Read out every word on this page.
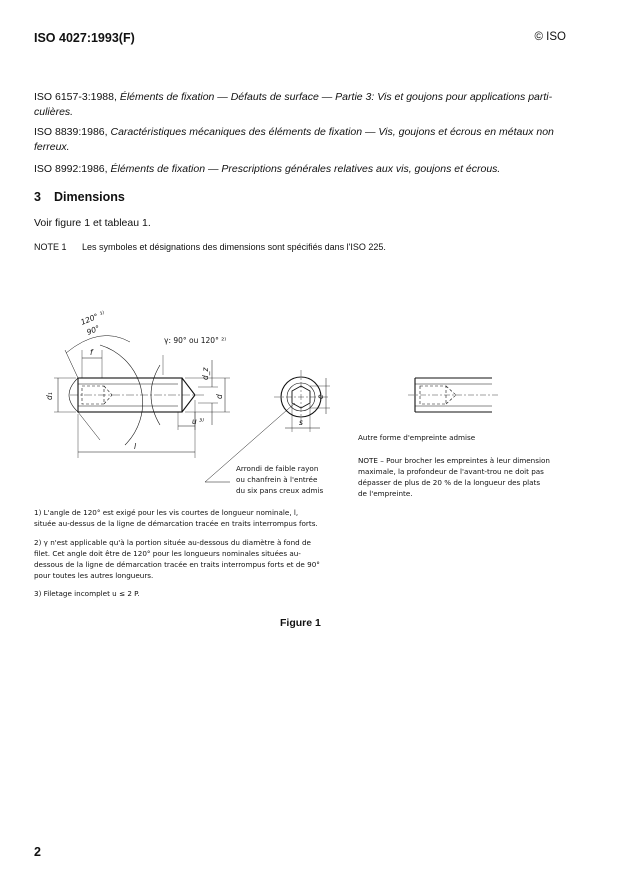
ISO 4027:1993(F)	© ISO
ISO 6157-3:1988, Éléments de fixation — Défauts de surface — Partie 3: Vis et goujons pour applications parti-
culières.
ISO 8839:1986, Caractéristiques mécaniques des éléments de fixation — Vis, goujons et écrous en métaux non
ferreux.
ISO 8992:1986, Éléments de fixation — Prescriptions générales relatives aux vis, goujons et écrous.
3 Dimensions
Voir figure 1 et tableau 1.
NOTE 1 Les symboles et désignations des dimensions sont spécifiés dans l'ISO 225.
120° ¹⁾
90°
γ: 90° ou 120° ²⁾
f
d₁
d_z
d
u ³⁾
l
e
s
Arrondi de faible rayon
ou chanfrein à l'entrée
du six pans creux admis
Autre forme d'empreinte admise
NOTE – Pour brocher les empreintes à leur dimension
maximale, la profondeur de l'avant-trou ne doit pas
dépasser de plus de 20 % de la longueur des plats
de l'empreinte.
1) L'angle de 120° est exigé pour les vis courtes de longueur nominale, l,
située au-dessus de la ligne de démarcation tracée en traits interrompus forts.
2) γ n'est applicable qu'à la portion située au-dessous du diamètre à fond de
filet. Cet angle doit être de 120° pour les longueurs nominales situées au-
dessous de la ligne de démarcation tracée en traits interrompus forts et de 90°
pour toutes les autres longueurs.
3) Filetage incomplet u ≤ 2 P.
Figure 1
2
